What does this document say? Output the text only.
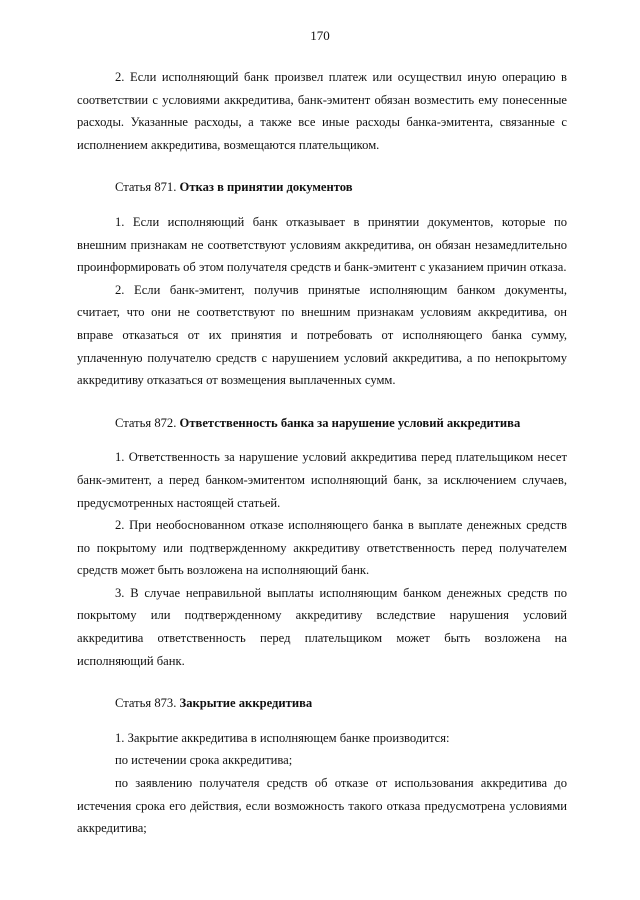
170

2. Если исполняющий банк произвел платеж или осуществил иную операцию в соответствии с условиями аккредитива, банк-эмитент обязан возместить ему понесенные расходы. Указанные расходы, а также все иные расходы банка-эмитента, связанные с исполнением аккредитива, возмещаются плательщиком.

Статья 871. Отказ в принятии документов

1. Если исполняющий банк отказывает в принятии документов, которые по внешним признакам не соответствуют условиям аккредитива, он обязан незамедлительно проинформировать об этом получателя средств и банк-эмитент с указанием причин отказа.

2. Если банк-эмитент, получив принятые исполняющим банком документы, считает, что они не соответствуют по внешним признакам условиям аккредитива, он вправе отказаться от их принятия и потребовать от исполняющего банка сумму, уплаченную получателю средств с нарушением условий аккредитива, а по непокрытому аккредитиву отказаться от возмещения выплаченных сумм.

Статья 872. Ответственность банка за нарушение условий аккредитива

1. Ответственность за нарушение условий аккредитива перед плательщиком несет банк-эмитент, а перед банком-эмитентом исполняющий банк, за исключением случаев, предусмотренных настоящей статьей.

2. При необоснованном отказе исполняющего банка в выплате денежных средств по покрытому или подтвержденному аккредитиву ответственность перед получателем средств может быть возложена на исполняющий банк.

3. В случае неправильной выплаты исполняющим банком денежных средств по покрытому или подтвержденному аккредитиву вследствие нарушения условий аккредитива ответственность перед плательщиком может быть возложена на исполняющий банк.

Статья 873. Закрытие аккредитива

1. Закрытие аккредитива в исполняющем банке производится:

по истечении срока аккредитива;

по заявлению получателя средств об отказе от использования аккредитива до истечения срока его действия, если возможность такого отказа предусмотрена условиями аккредитива;
